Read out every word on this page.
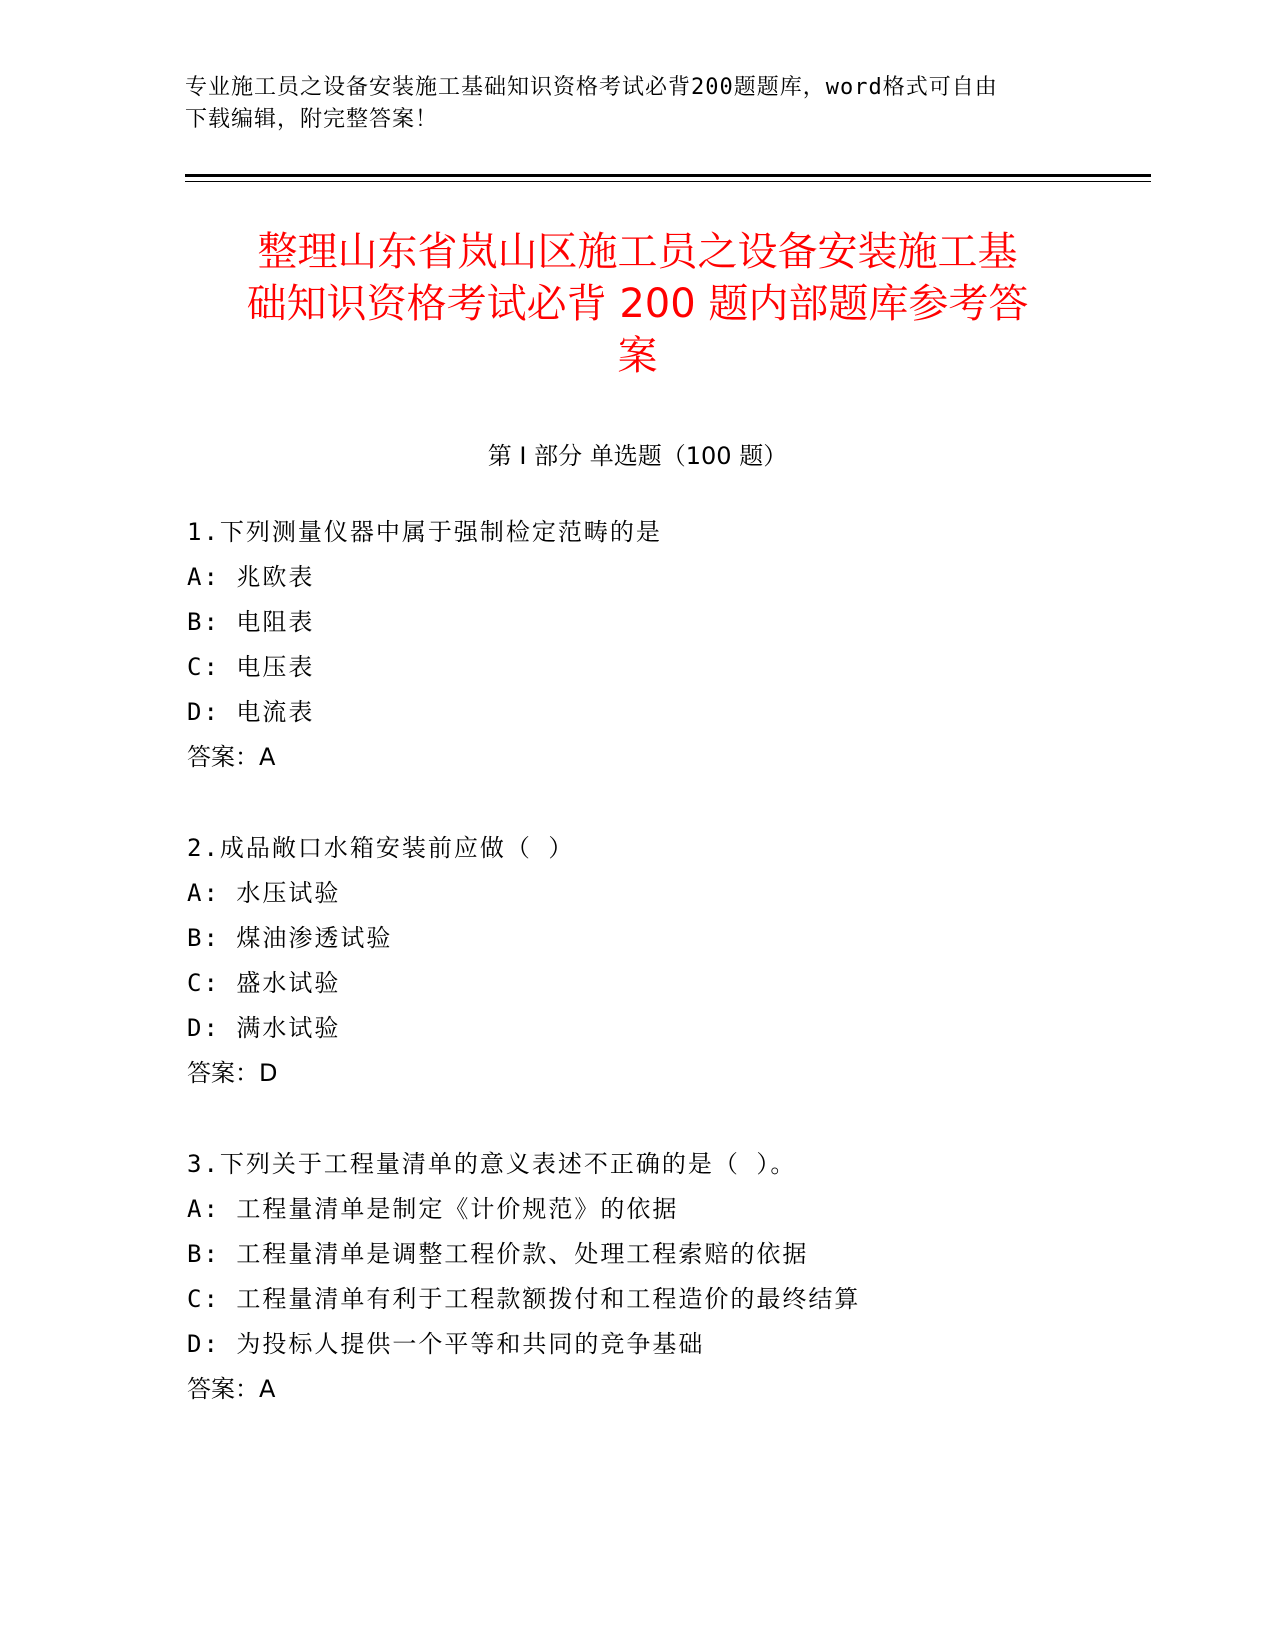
专业施工员之设备安装施工基础知识资格考试必背200题题库，word格式可自由
下载编辑，附完整答案！
整理山东省岚山区施工员之设备安装施工基
础知识资格考试必背 200 题内部题库参考答
案
第 I 部分 单选题（100 题）
1.下列测量仪器中属于强制检定范畴的是
A: 兆欧表
B: 电阻表
C: 电压表
D: 电流表
答案：A
2.成品敞口水箱安装前应做（ ）
A: 水压试验
B: 煤油渗透试验
C: 盛水试验
D: 满水试验
答案：D
3.下列关于工程量清单的意义表述不正确的是（ ）。
A: 工程量清单是制定《计价规范》的依据
B: 工程量清单是调整工程价款、处理工程索赔的依据
C: 工程量清单有利于工程款额拨付和工程造价的最终结算
D: 为投标人提供一个平等和共同的竞争基础
答案：A
